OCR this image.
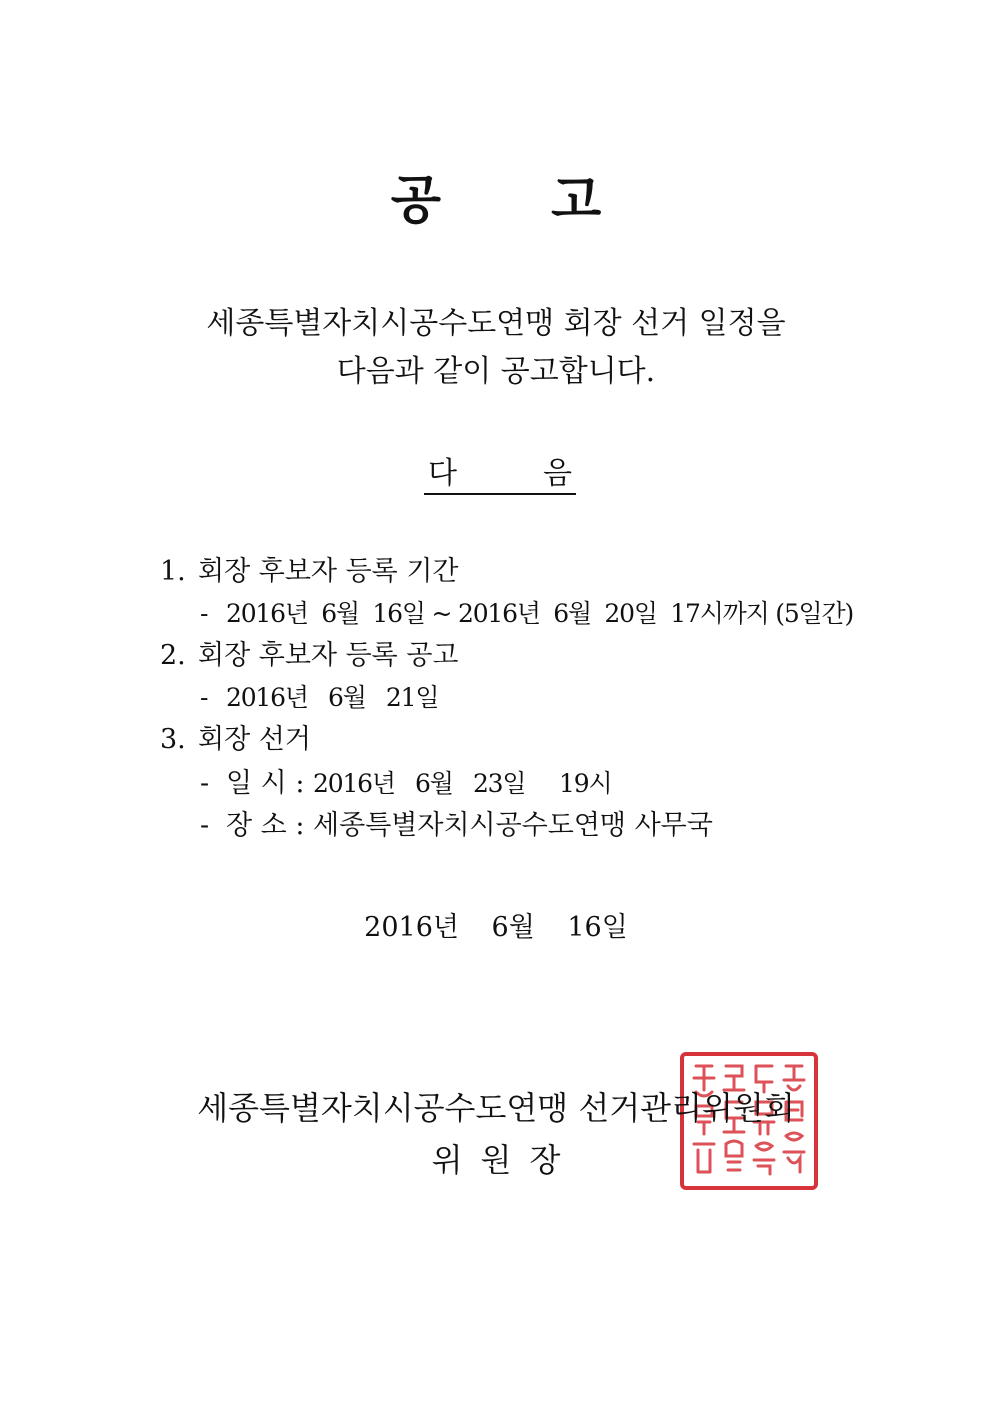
공 고
세종특별자치시공수도연맹 회장 선거 일정을
다음과 같이 공고합니다.
다	음
1. 회장 후보자 등록 기간
- 2016년  6월  16일 ~ 2016년  6월  20일  17시까지 (5일간)
2. 회장 후보자 등록 공고
- 2016년   6월   21일
3. 회장 선거
- 일 시 : 2016년   6월   23일     19시
- 장 소 : 세종특별자치시공수도연맹 사무국
2016년 6월 16일
세종특별자치시공수도연맹 선거관리위원회
위원장
